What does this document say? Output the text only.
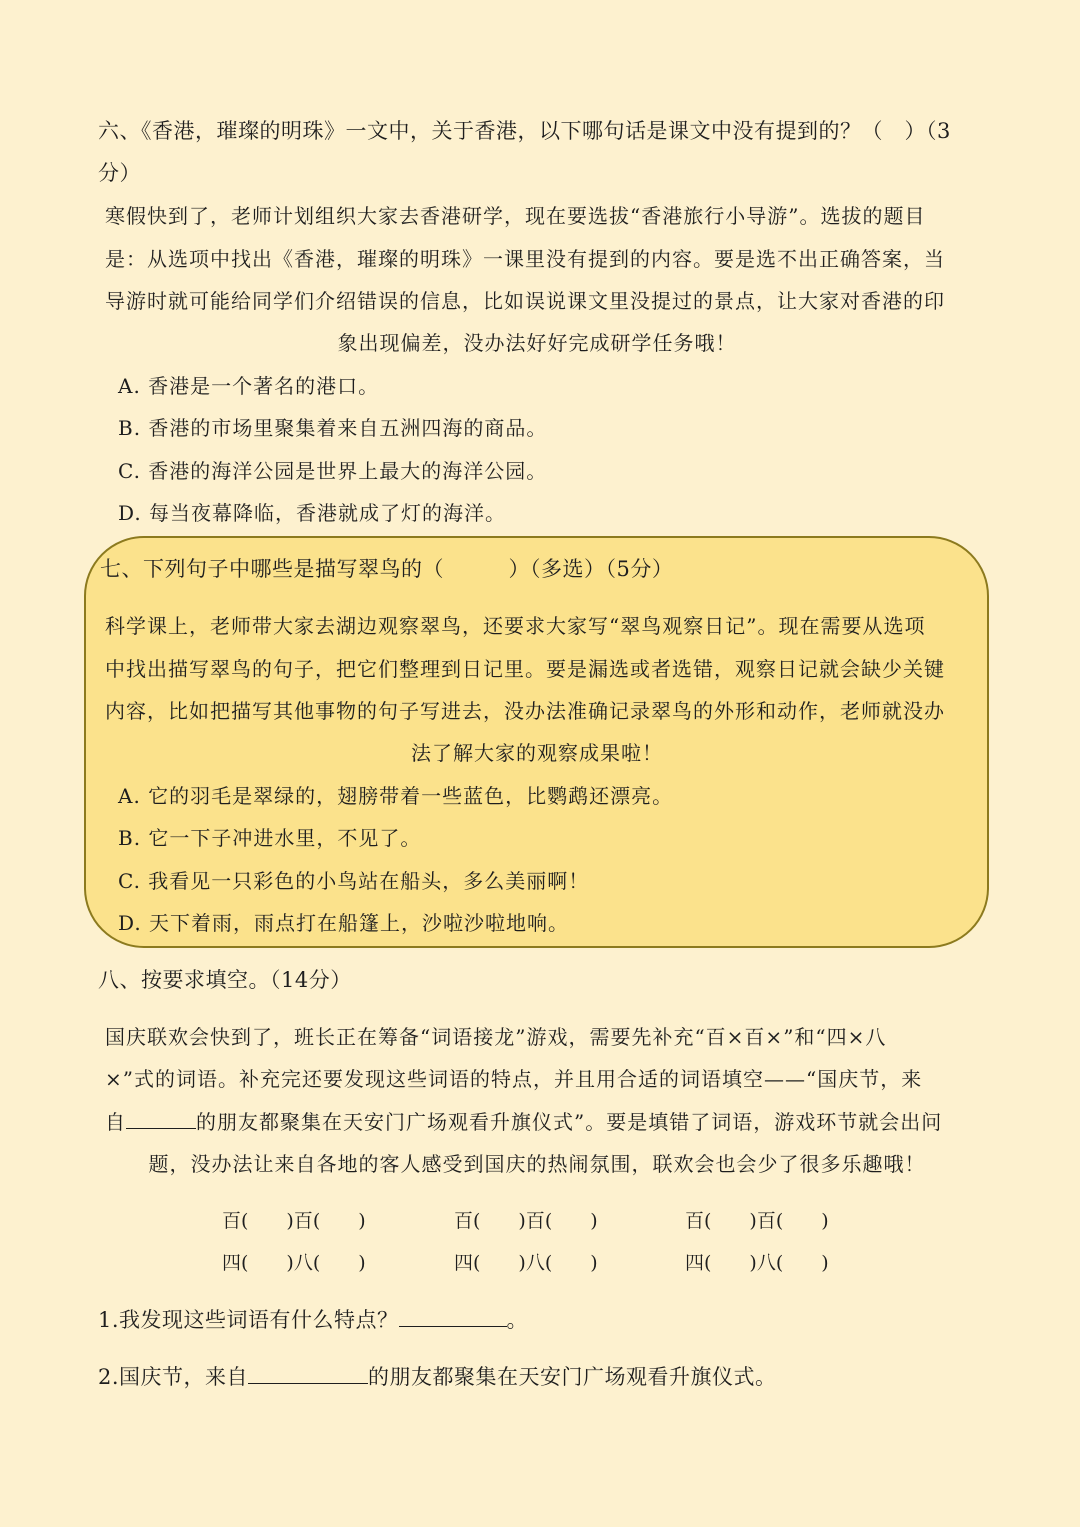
六、《香港，璀璨的明珠》一文中，关于香港，以下哪句话是课文中没有提到的？（　）（3
分）
寒假快到了，老师计划组织大家去香港研学，现在要选拔“香港旅行小导游”。选拔的题目
是：从选项中找出《香港，璀璨的明珠》一课里没有提到的内容。要是选不出正确答案，当
导游时就可能给同学们介绍错误的信息，比如误说课文里没提过的景点，让大家对香港的印
象出现偏差，没办法好好完成研学任务哦！
A. 香港是一个著名的港口。
B. 香港的市场里聚集着来自五洲四海的商品。
C. 香港的海洋公园是世界上最大的海洋公园。
D. 每当夜幕降临，香港就成了灯的海洋。
七、下列句子中哪些是描写翠鸟的（　　　）（多选）（5分）
科学课上，老师带大家去湖边观察翠鸟，还要求大家写“翠鸟观察日记”。现在需要从选项
中找出描写翠鸟的句子，把它们整理到日记里。要是漏选或者选错，观察日记就会缺少关键
内容，比如把描写其他事物的句子写进去，没办法准确记录翠鸟的外形和动作，老师就没办
法了解大家的观察成果啦！
A. 它的羽毛是翠绿的，翅膀带着一些蓝色，比鹦鹉还漂亮。
B. 它一下子冲进水里，不见了。
C. 我看见一只彩色的小鸟站在船头，多么美丽啊！
D. 天下着雨，雨点打在船篷上，沙啦沙啦地响。
八、按要求填空。（14分）
国庆联欢会快到了，班长正在筹备“词语接龙”游戏，需要先补充“百×百×”和“四×八
×”式的词语。补充完还要发现这些词语的特点，并且用合适的词语填空——“国庆节，来
自	的朋友都聚集在天安门广场观看升旗仪式”。要是填错了词语，游戏环节就会出问
题，没办法让来自各地的客人感受到国庆的热闹氛围，联欢会也会少了很多乐趣哦！
百(　　)百(　　)	百(　　)百(　　)	百(　　)百(　　)
四(　　)八(　　)	四(　　)八(　　)	四(　　)八(　　)
1.我发现这些词语有什么特点？	。
2.国庆节，来自	的朋友都聚集在天安门广场观看升旗仪式。
